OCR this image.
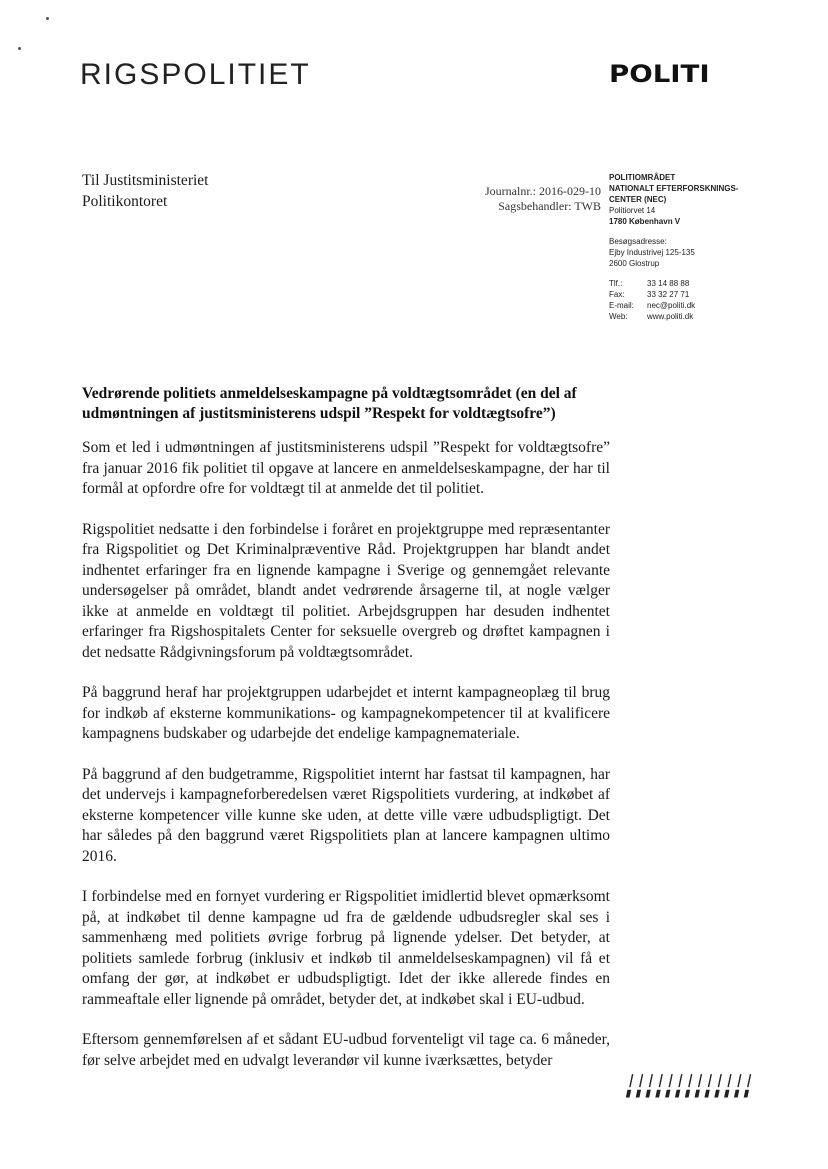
RIGSPOLITIET	POLITI
Til Justitsministeriet
Politikontoret
Journalnr.: 2016-029-10
Sagsbehandler: TWB
POLITIOMRÅDET
NATIONALT EFTERFORSKNINGS-
CENTER (NEC)
Politiorvet 14
1780 København V
Besøgsadresse:
Ejby Industrivej 125-135
2600 Glostrup
Tlf.:	33 14 88 88
Fax:	33 32 27 71
E-mail:	nec@politi.dk
Web:	www.politi.dk
Vedrørende politiets anmeldelseskampagne på voldtægtsområdet (en del af udmøntningen af justitsministerens udspil ”Respekt for voldtægtsofre”)

Som et led i udmøntningen af justitsministerens udspil ”Respekt for voldtægtsofre” fra januar 2016 fik politiet til opgave at lancere en anmeldelseskampagne, der har til formål at opfordre ofre for voldtægt til at anmelde det til politiet.

Rigspolitiet nedsatte i den forbindelse i foråret en projektgruppe med repræsentanter fra Rigspolitiet og Det Kriminalpræventive Råd. Projektgruppen har blandt andet indhentet erfaringer fra en lignende kampagne i Sverige og gennemgået relevante undersøgelser på området, blandt andet vedrørende årsagerne til, at nogle vælger ikke at anmelde en voldtægt til politiet. Arbejdsgruppen har desuden indhentet erfaringer fra Rigshospitalets Center for seksuelle overgreb og drøftet kampagnen i det nedsatte Rådgivningsforum på voldtægtsområdet.

På baggrund heraf har projektgruppen udarbejdet et internt kampagneoplæg til brug for indkøb af eksterne kommunikations- og kampagnekompetencer til at kvalificere kampagnens budskaber og udarbejde det endelige kampagnemateriale.

På baggrund af den budgetramme, Rigspolitiet internt har fastsat til kampagnen, har det undervejs i kampagneforberedelsen været Rigspolitiets vurdering, at indkøbet af eksterne kompetencer ville kunne ske uden, at dette ville være udbudspligtigt. Det har således på den baggrund været Rigspolitiets plan at lancere kampagnen ultimo 2016.

I forbindelse med en fornyet vurdering er Rigspolitiet imidlertid blevet opmærksomt på, at indkøbet til denne kampagne ud fra de gældende udbudsregler skal ses i sammenhæng med politiets øvrige forbrug på lignende ydelser. Det betyder, at politiets samlede forbrug (inklusiv et indkøb til anmeldelseskampagnen) vil få et omfang der gør, at indkøbet er udbudspligtigt. Idet der ikke allerede findes en rammeaftale eller lignende på området, betyder det, at indkøbet skal i EU-udbud.

Eftersom gennemførelsen af et sådant EU-udbud forventeligt vil tage ca. 6 måneder, før selve arbejdet med en udvalgt leverandør vil kunne iværksættes, betyder

|||||||||||||
▮▮▮▮▮▮▮▮▮▮▮▮▮
